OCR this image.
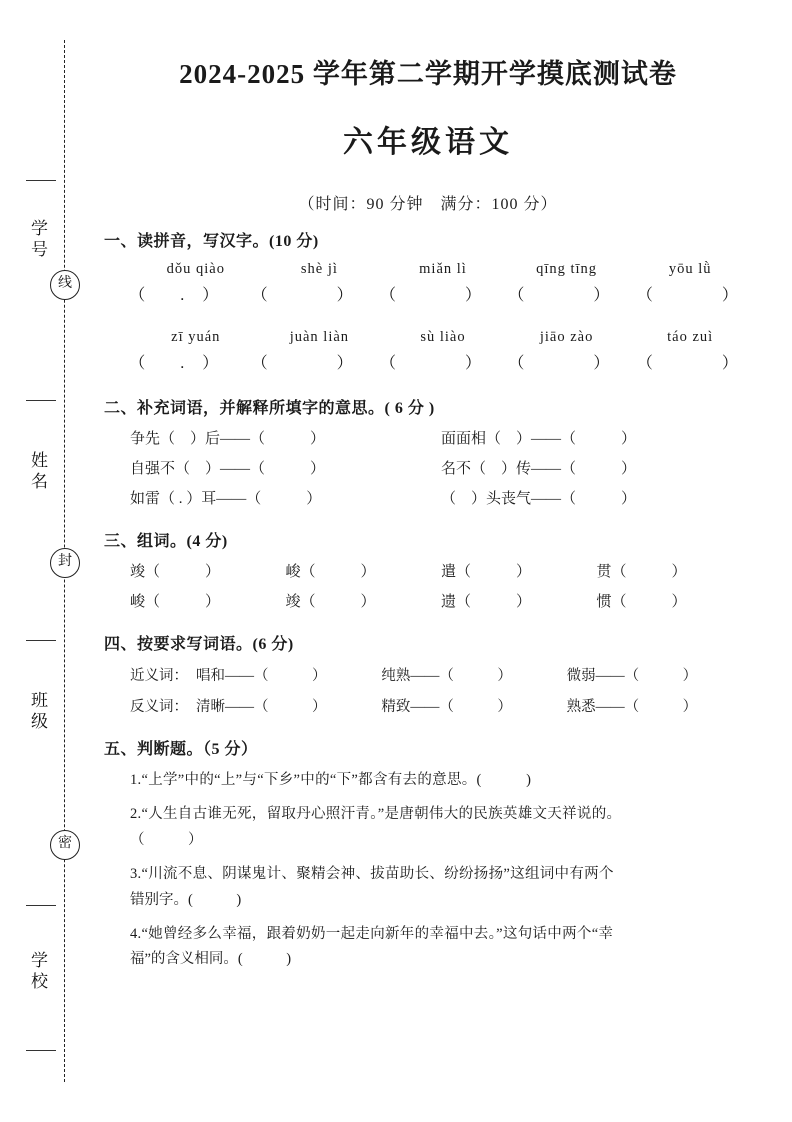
学 号
线
姓 名
封
班 级
密
学 校
2024-2025 学年第二学期开学摸底测试卷
六年级语文
（时间：90 分钟　满分：100 分）
一、读拼音，写汉字。(10 分)
dǒu qiào	shè jì	miǎn lì	qīng tīng	yōu lǜ
（　　.　）	（　　　　）	（　　　　）	（　　　　）	（　　　　）
zī yuán	juàn liàn	sù liào	jiāo zào	táo zuì
（　　.　）	（　　　　）	（　　　　）	（　　　　）	（　　　　）
二、补充词语，并解释所填字的意思。( 6 分 )
争先（　）后——（　　　）	面面相（　）——（　　　）
自强不（　）——（　　　）	名不（　）传——（　　　）
如雷（ . ）耳——（　　　）	（　）头丧气——（　　　）
三、组词。(4 分)
竣（　　　）	峻（　　　）	遣（　　　）	贯（　　　）
峻（　　　）	竣（　　　）	遗（　　　）	惯（　　　）
四、按要求写词语。(6 分)
近义词： 唱和——（　　　）	纯熟——（　　　）	微弱——（　　　）
反义词： 清晰——（　　　）	精致——（　　　）	熟悉——（　　　）
五、判断题。（5 分）
1.“上学”中的“上”与“下乡”中的“下”都含有去的意思。(　　　)
2.“人生自古谁无死，留取丹心照汗青。”是唐朝伟大的民族英雄文天祥说的。
（　　　）
3.“川流不息、阴谋鬼计、聚精会神、拔苗助长、纷纷扬扬”这组词中有两个
错别字。(　　　)
4.“她曾经多么幸福，跟着奶奶一起走向新年的幸福中去。”这句话中两个“幸
福”的含义相同。(　　　)
